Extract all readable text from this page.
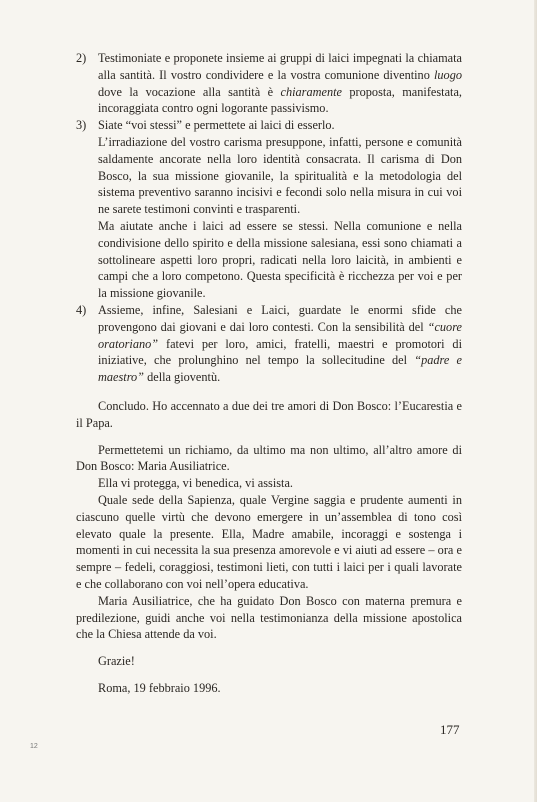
2) Testimoniate e proponete insieme ai gruppi di laici impegnati la chiamata alla santità. Il vostro condividere e la vostra comunione diventino luogo dove la vocazione alla santità è chiaramente proposta, manifestata, incoraggiata contro ogni logorante passivismo.

3) Siate “voi stessi” e permettete ai laici di esserlo.

L’irradiazione del vostro carisma presuppone, infatti, persone e comunità saldamente ancorate nella loro identità consacrata. Il carisma di Don Bosco, la sua missione giovanile, la spiritualità e la metodologia del sistema preventivo saranno incisivi e fecondi solo nella misura in cui voi ne sarete testimoni convinti e trasparenti.

Ma aiutate anche i laici ad essere se stessi. Nella comunione e nella condivisione dello spirito e della missione salesiana, essi sono chiamati a sottolineare aspetti loro propri, radicati nella loro laicità, in ambienti e campi che a loro competono. Questa specificità è ricchezza per voi e per la missione giovanile.

4) Assieme, infine, Salesiani e Laici, guardate le enormi sfide che provengono dai giovani e dai loro contesti. Con la sensibilità del “cuore oratoriano” fatevi per loro, amici, fratelli, maestri e promotori di iniziative, che prolunghino nel tempo la sollecitudine del “padre e maestro” della gioventù.

Concludo. Ho accennato a due dei tre amori di Don Bosco: l’Eucarestia e il Papa.

Permettetemi un richiamo, da ultimo ma non ultimo, all’altro amore di Don Bosco: Maria Ausiliatrice.

Ella vi protegga, vi benedica, vi assista.

Quale sede della Sapienza, quale Vergine saggia e prudente aumenti in ciascuno quelle virtù che devono emergere in un’assemblea di tono così elevato quale la presente. Ella, Madre amabile, incoraggi e sostenga i momenti in cui necessita la sua presenza amorevole e vi aiuti ad essere – ora e sempre – fedeli, coraggiosi, testimoni lieti, con tutti i laici per i quali lavorate e che collaborano con voi nell’opera educativa.

Maria Ausiliatrice, che ha guidato Don Bosco con materna premura e predilezione, guidi anche voi nella testimonianza della missione apostolica che la Chiesa attende da voi.

Grazie!

Roma, 19 febbraio 1996.

177
12
